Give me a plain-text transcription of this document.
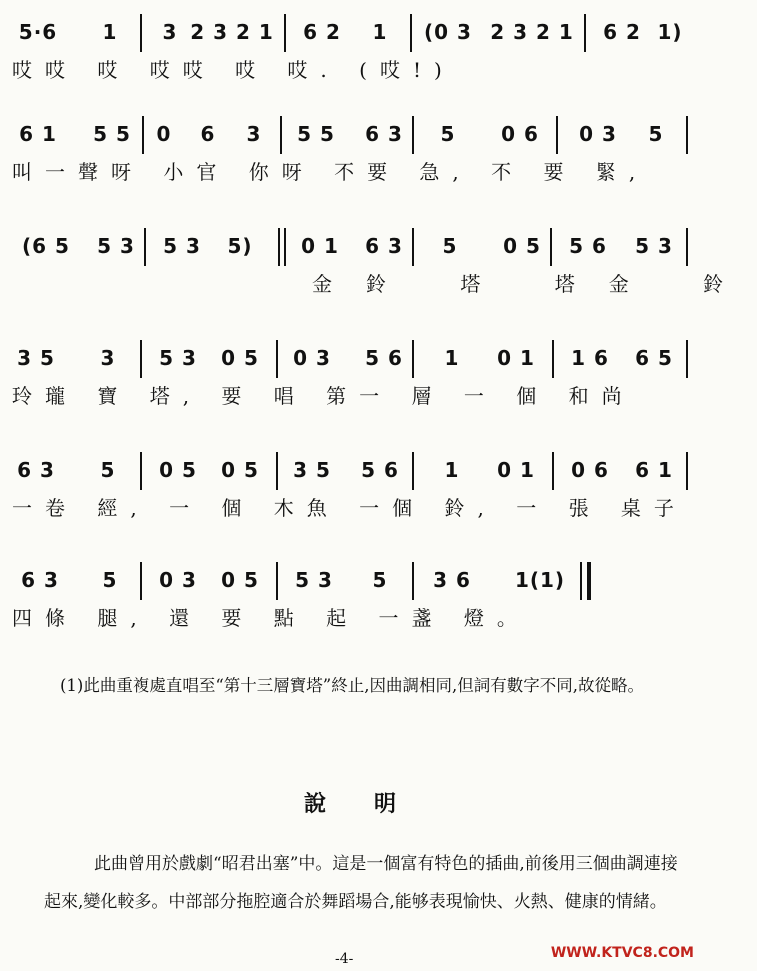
5·6 1 3 2 3 2 1 6 2 1 (0 3 2 3 2 1 6 2 1)
哎哎 哎 哎哎 哎 哎. (哎!)
6 1 5 5 0 6 3 5 5 6 3 5 0 6 0 3 5
叫一聲呀 小官 你呀 不要 急, 不 要 緊,
(6 5 5 3 5 3 5) 0 1 6 3 5 0 5 5 6 5 3
金鈴 塔 塔金 鈴
3 5 3 5 3 0 5 0 3 5 6 1 0 1 1 6 6 5
玲瓏 寶 塔, 要 唱 第一 層 一 個 和尚
6 3 5 0 5 0 5 3 5 5 6 1 0 1 0 6 6 1
一卷 經, 一 個 木魚 一個 鈴, 一 張 桌子
6 3 5 0 3 0 5 5 3 5 3 6 1(1)
四條 腿, 還 要 點 起 一盞 燈。
(1)此曲重複處直唱至“第十三層寶塔”終止,因曲調相同,但詞有數字不同,故從略。
說明
此曲曾用於戲劇“昭君出塞”中。這是一個富有特色的插曲,前後用三個曲調連接起來,變化較多。中部部分拖腔適合於舞蹈場合,能够表現愉快、火熱、健康的情緒。
-4-	WWW.KTVC8.COM
